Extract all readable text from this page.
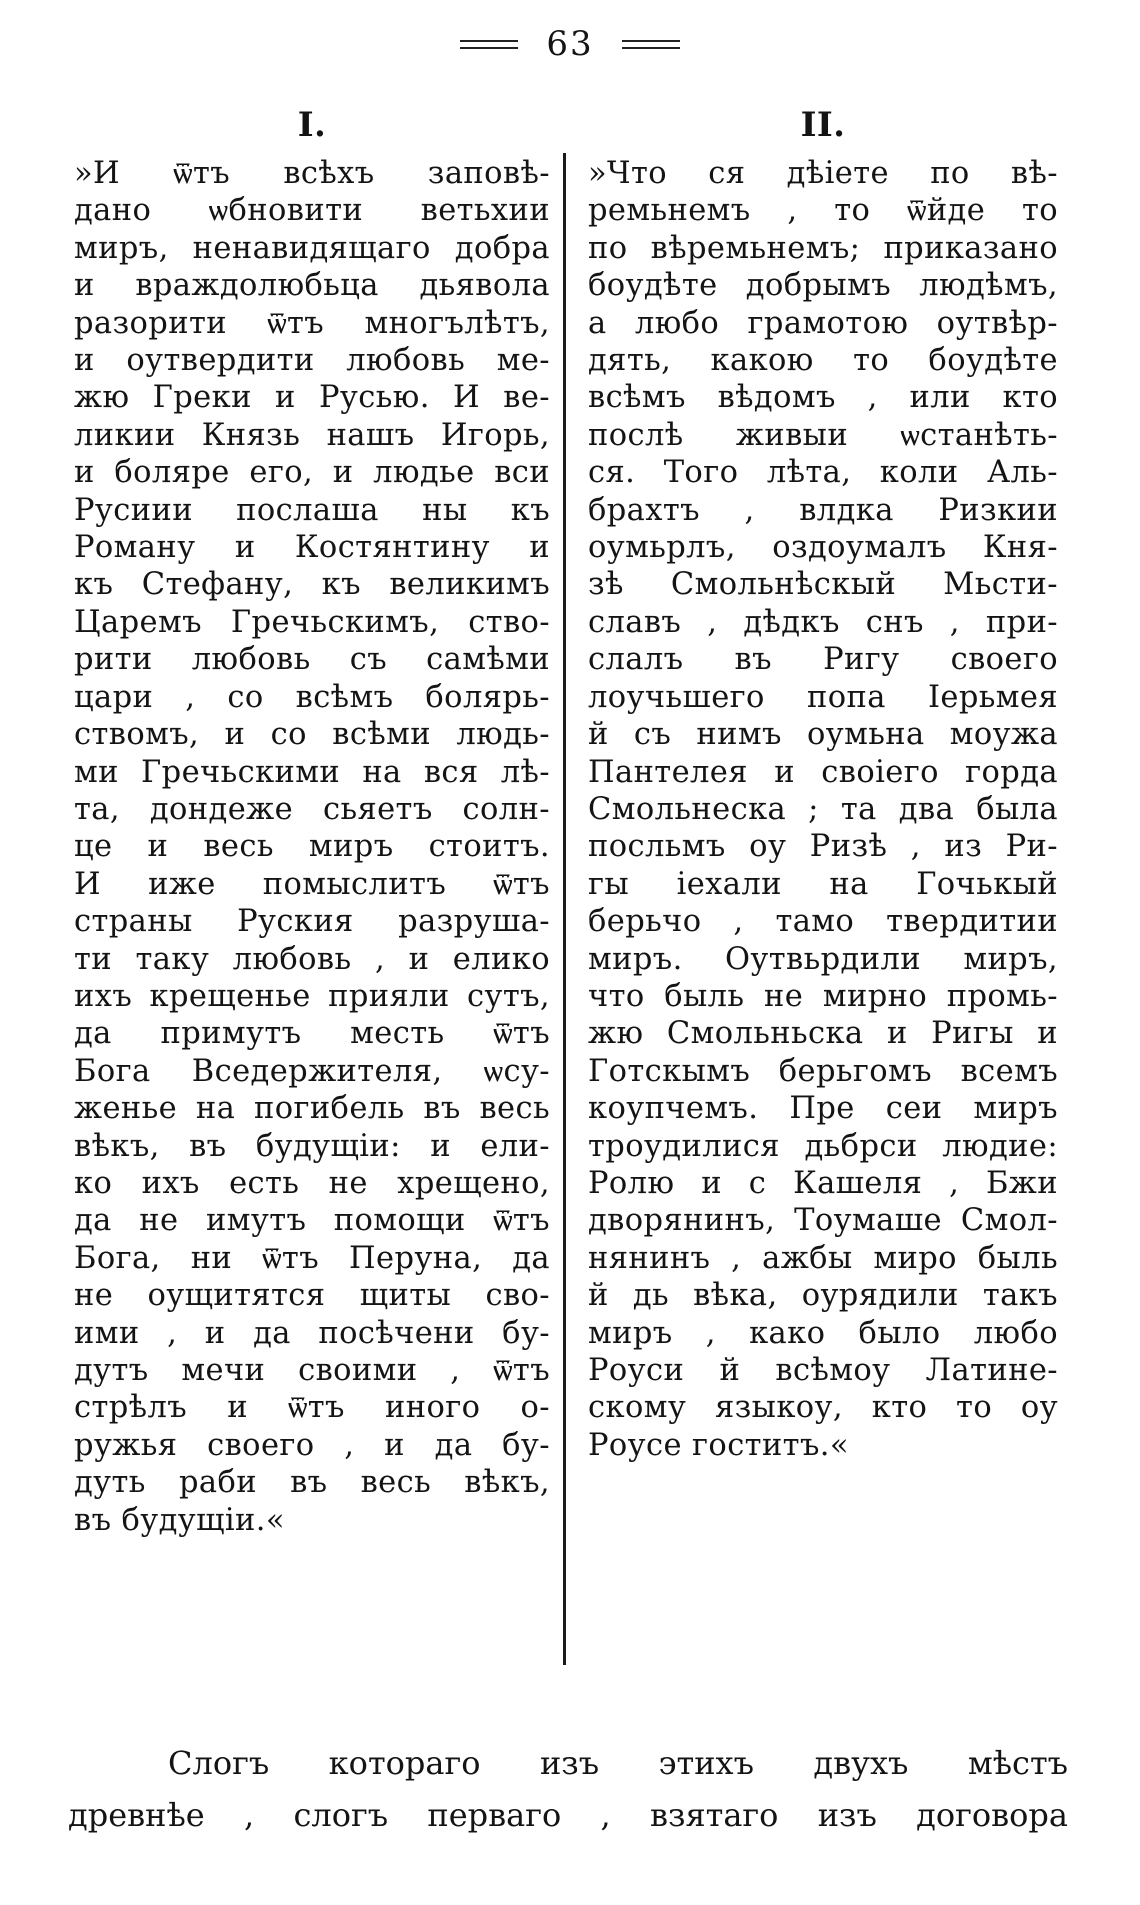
63
I.
»И ѿтъ всѣхъ заповѣ-
дано ѡбновити ветьхии
миръ, ненавидящаго добра
и враждолюбьца дьявола
разорити ѿтъ многълѣтъ,
и оутвердити любовь ме-
жю Греки и Русью. И ве-
ликии Князь нашъ Игорь,
и боляре его, и людье вси
Русиии послаша ны къ
Роману и Костянтину и
къ Стефану, къ великимъ
Царемъ Гречьскимъ, ство-
рити любовь съ самѣми
цари , со всѣмъ болярь-
ствомъ, и со всѣми людь-
ми Гречьскими на вся лѣ-
та, дондеже сьяетъ солн-
це и весь миръ стоитъ.
И иже помыслитъ ѿтъ
страны Руския разруша-
ти таку любовь , и елико
ихъ крещенье прияли сутъ,
да примутъ месть ѿтъ
Бога Вседержителя, ѡсу-
женье на погибель въ весь
вѣкъ, въ будущiи: и ели-
ко ихъ есть не хрещено,
да не имутъ помощи ѿтъ
Бога, ни ѿтъ Перуна, да
не оущитятся щиты сво-
ими , и да посѣчени бу-
дутъ мечи своими , ѿтъ
стрѣлъ и ѿтъ иного о-
ружья своего , и да бу-
дуть раби въ весь вѣкъ,
въ будущiи.«
II.
»Что ся дѣiете по вѣ-
ремьнемъ , то ѿйде то
по вѣремьнемъ; приказано
боудѣте добрымъ людѣмъ,
а любо грамотою оутвѣр-
дять, какою то боудѣте
всѣмъ вѣдомъ , или кто
послѣ живыи ѡстанѣть-
ся. Того лѣта, коли Аль-
брахтъ , влдка Ризкии
оумьрлъ, оздоумалъ Кня-
зѣ Смольнѣскый Мьсти-
славъ , дѣдкъ снъ , при-
слалъ въ Ригу своего
лоучьшего попа Iерьмея
й съ нимъ оумьна моужа
Пантелея и своiего горда
Смольнеска ; та два была
посльмъ оу Ризѣ , из Ри-
гы iехали на Гочькый
берьчо , тамо твердитии
миръ. Оутвьрдили миръ,
что быль не мирно промь-
жю Смольньска и Ригы и
Готскымъ берьгомъ всемъ
коупчемъ. Пре сеи миръ
троудилися дьбрси людие:
Ролю и с Кашеля , Бжи
дворянинъ, Тоумаше Смол-
нянинъ , ажбы миро быль
й дь вѣка, оурядили такъ
миръ , како было любо
Роуси й всѣмоу Латине-
скому языкоу, кто то оу
Роусе гоститъ.«
Слогъ которагo изъ этихъ двухъ мѣстъ
древнѣе , слогъ перваго , взятагo изъ договора
